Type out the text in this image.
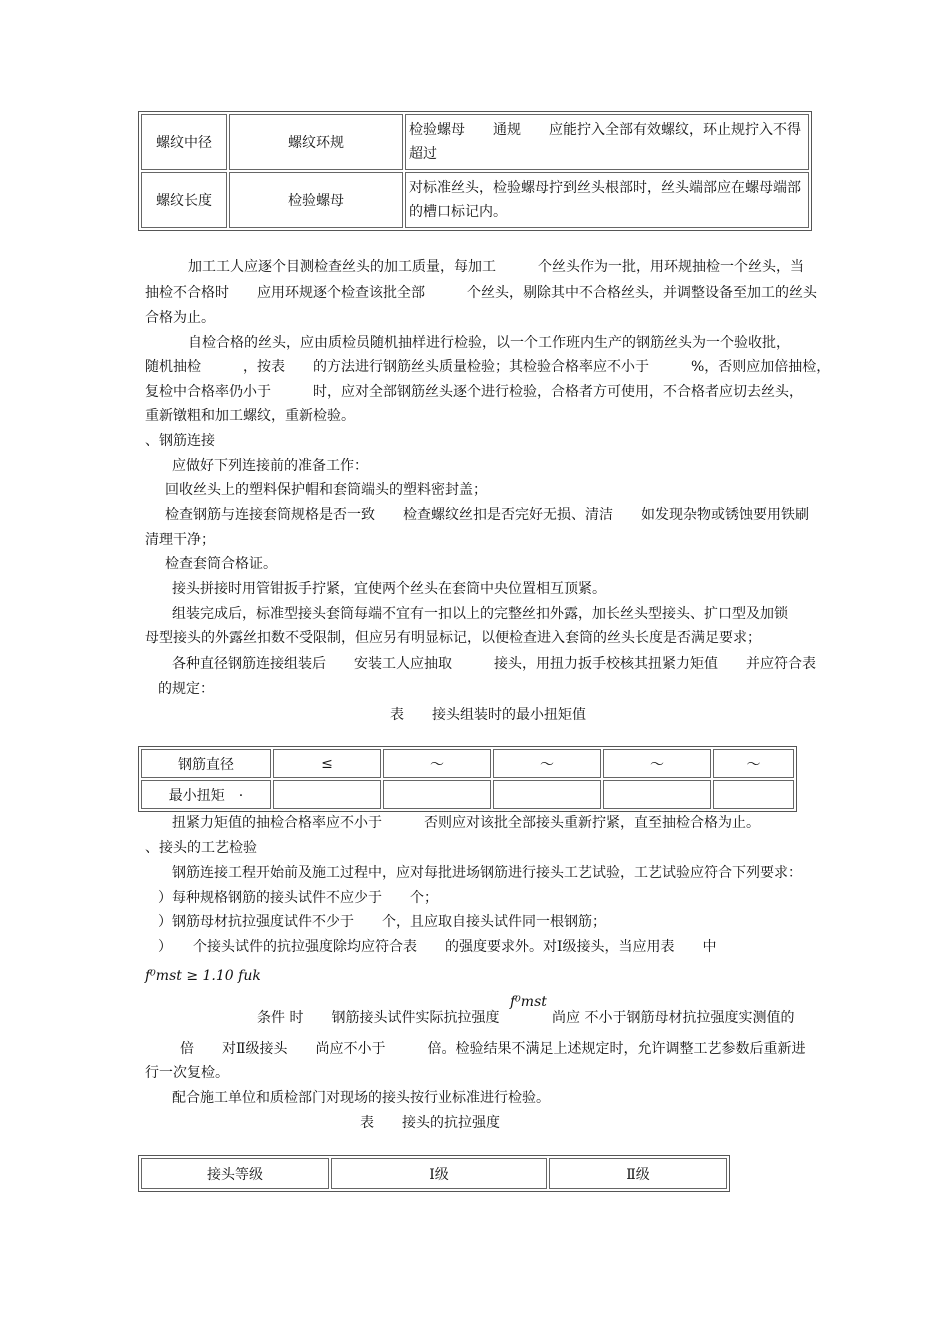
螺纹中径	螺纹环规	检验螺母　　通规　　应能拧入全部有效螺纹，环止规拧入不得超过
螺纹长度	检验螺母	对标准丝头，检验螺母拧到丝头根部时，丝头端部应在螺母端部的槽口标记内。
加工工人应逐个目测检查丝头的加工质量，每加工　　　个丝头作为一批，用环规抽检一个丝头，当
抽检不合格时　　应用环规逐个检查该批全部　　　个丝头，剔除其中不合格丝头，并调整设备至加工的丝头
合格为止。
自检合格的丝头，应由质检员随机抽样进行检验，以一个工作班内生产的钢筋丝头为一个验收批，
随机抽检　　　，按表　　的方法进行钢筋丝头质量检验；其检验合格率应不小于　　　%，否则应加倍抽检，
复检中合格率仍小于　　　时，应对全部钢筋丝头逐个进行检验，合格者方可使用，不合格者应切去丝头，
重新镦粗和加工螺纹，重新检验。
、钢筋连接
应做好下列连接前的准备工作：
回收丝头上的塑料保护帽和套筒端头的塑料密封盖；
检查钢筋与连接套筒规格是否一致　　检查螺纹丝扣是否完好无损、清洁　　如发现杂物或锈蚀要用铁刷
清理干净；
检查套筒合格证。
接头拼接时用管钳扳手拧紧，宜使两个丝头在套筒中央位置相互顶紧。
组装完成后，标准型接头套筒每端不宜有一扣以上的完整丝扣外露，加长丝头型接头、扩口型及加锁
母型接头的外露丝扣数不受限制，但应另有明显标记，以便检查进入套筒的丝头长度是否满足要求；
各种直径钢筋连接组装后　　安装工人应抽取　　　接头，用扭力扳手校核其扭紧力矩值　　并应符合表
的规定：
表　　接头组装时的最小扭矩值
扭紧力矩值的抽检合格率应不小于　　　否则应对该批全部接头重新拧紧，直至抽检合格为止。
、接头的工艺检验
钢筋连接工程开始前及施工过程中，应对每批进场钢筋进行接头工艺试验，工艺试验应符合下列要求：
）每种规格钢筋的接头试件不应少于　　个；
）钢筋母材抗拉强度试件不少于　　个，且应取自接头试件同一根钢筋；
）　　个接头试件的抗拉强度除均应符合表　　的强度要求外。对Ⅰ级接头，当应用表　　中
条件 时　　钢筋接头试件实际抗拉强度	尚应 不小于钢筋母材抗拉强度实测值的
倍　　对Ⅱ级接头　　尚应不小于　　　倍。检验结果不满足上述规定时，允许调整工艺参数后重新进
行一次复检。
配合施工单位和质检部门对现场的接头按行业标准进行检验。
表　　接头的抗拉强度
f⁰mst ≥ 1.10 fuk
f⁰mst
钢筋直径	≤	～	～	～	～
最小扭矩　·					
接头等级	Ⅰ级	Ⅱ级
